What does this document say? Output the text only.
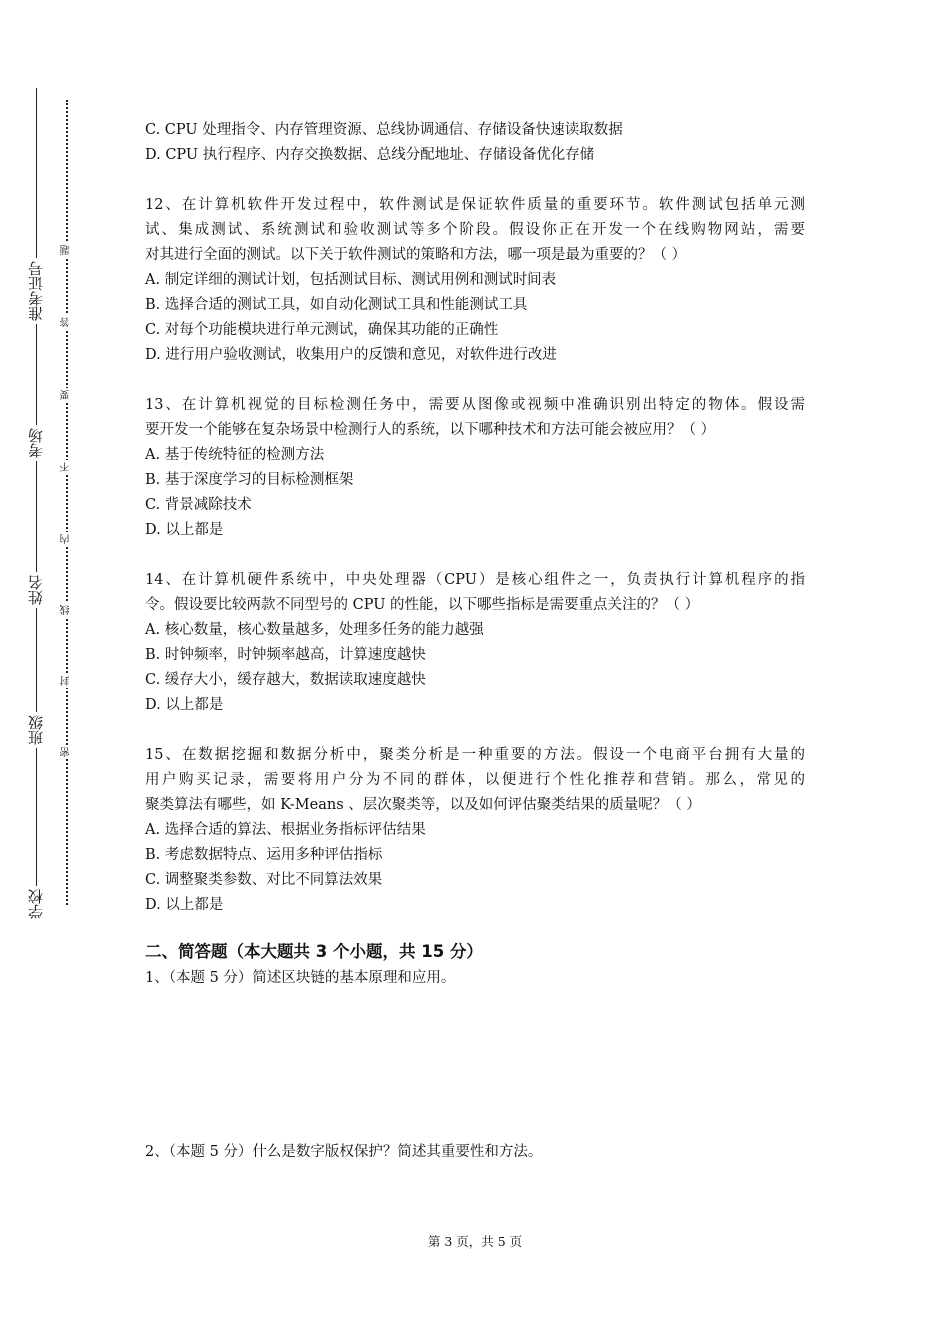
准考证号
考场
姓名
班级
学校
题
答
要
不
内
线
封
密
C. CPU 处理指令、内存管理资源、总线协调通信、存储设备快速读取数据
D. CPU 执行程序、内存交换数据、总线分配地址、存储设备优化存储
12、在计算机软件开发过程中，软件测试是保证软件质量的重要环节。软件测试包括单元测
试、集成测试、系统测试和验收测试等多个阶段。假设你正在开发一个在线购物网站，需要
对其进行全面的测试。以下关于软件测试的策略和方法，哪一项是最为重要的？（ ）
A. 制定详细的测试计划，包括测试目标、测试用例和测试时间表
B. 选择合适的测试工具，如自动化测试工具和性能测试工具
C. 对每个功能模块进行单元测试，确保其功能的正确性
D. 进行用户验收测试，收集用户的反馈和意见，对软件进行改进
13、在计算机视觉的目标检测任务中，需要从图像或视频中准确识别出特定的物体。假设需
要开发一个能够在复杂场景中检测行人的系统，以下哪种技术和方法可能会被应用？（ ）
A. 基于传统特征的检测方法
B. 基于深度学习的目标检测框架
C. 背景减除技术
D. 以上都是
14、在计算机硬件系统中，中央处理器（CPU）是核心组件之一，负责执行计算机程序的指
令。假设要比较两款不同型号的 CPU 的性能，以下哪些指标是需要重点关注的？（ ）
A. 核心数量，核心数量越多，处理多任务的能力越强
B. 时钟频率，时钟频率越高，计算速度越快
C. 缓存大小，缓存越大，数据读取速度越快
D. 以上都是
15、在数据挖掘和数据分析中，聚类分析是一种重要的方法。假设一个电商平台拥有大量的
用户购买记录，需要将用户分为不同的群体，以便进行个性化推荐和营销。那么，常见的
聚类算法有哪些，如 K-Means 、层次聚类等，以及如何评估聚类结果的质量呢？（ ）
A. 选择合适的算法、根据业务指标评估结果
B. 考虑数据特点、运用多种评估指标
C. 调整聚类参数、对比不同算法效果
D. 以上都是
二、简答题（本大题共 3 个小题，共 15 分）
1、（本题 5 分）简述区块链的基本原理和应用。
2、（本题 5 分）什么是数字版权保护？简述其重要性和方法。
第 3 页，共 5 页
